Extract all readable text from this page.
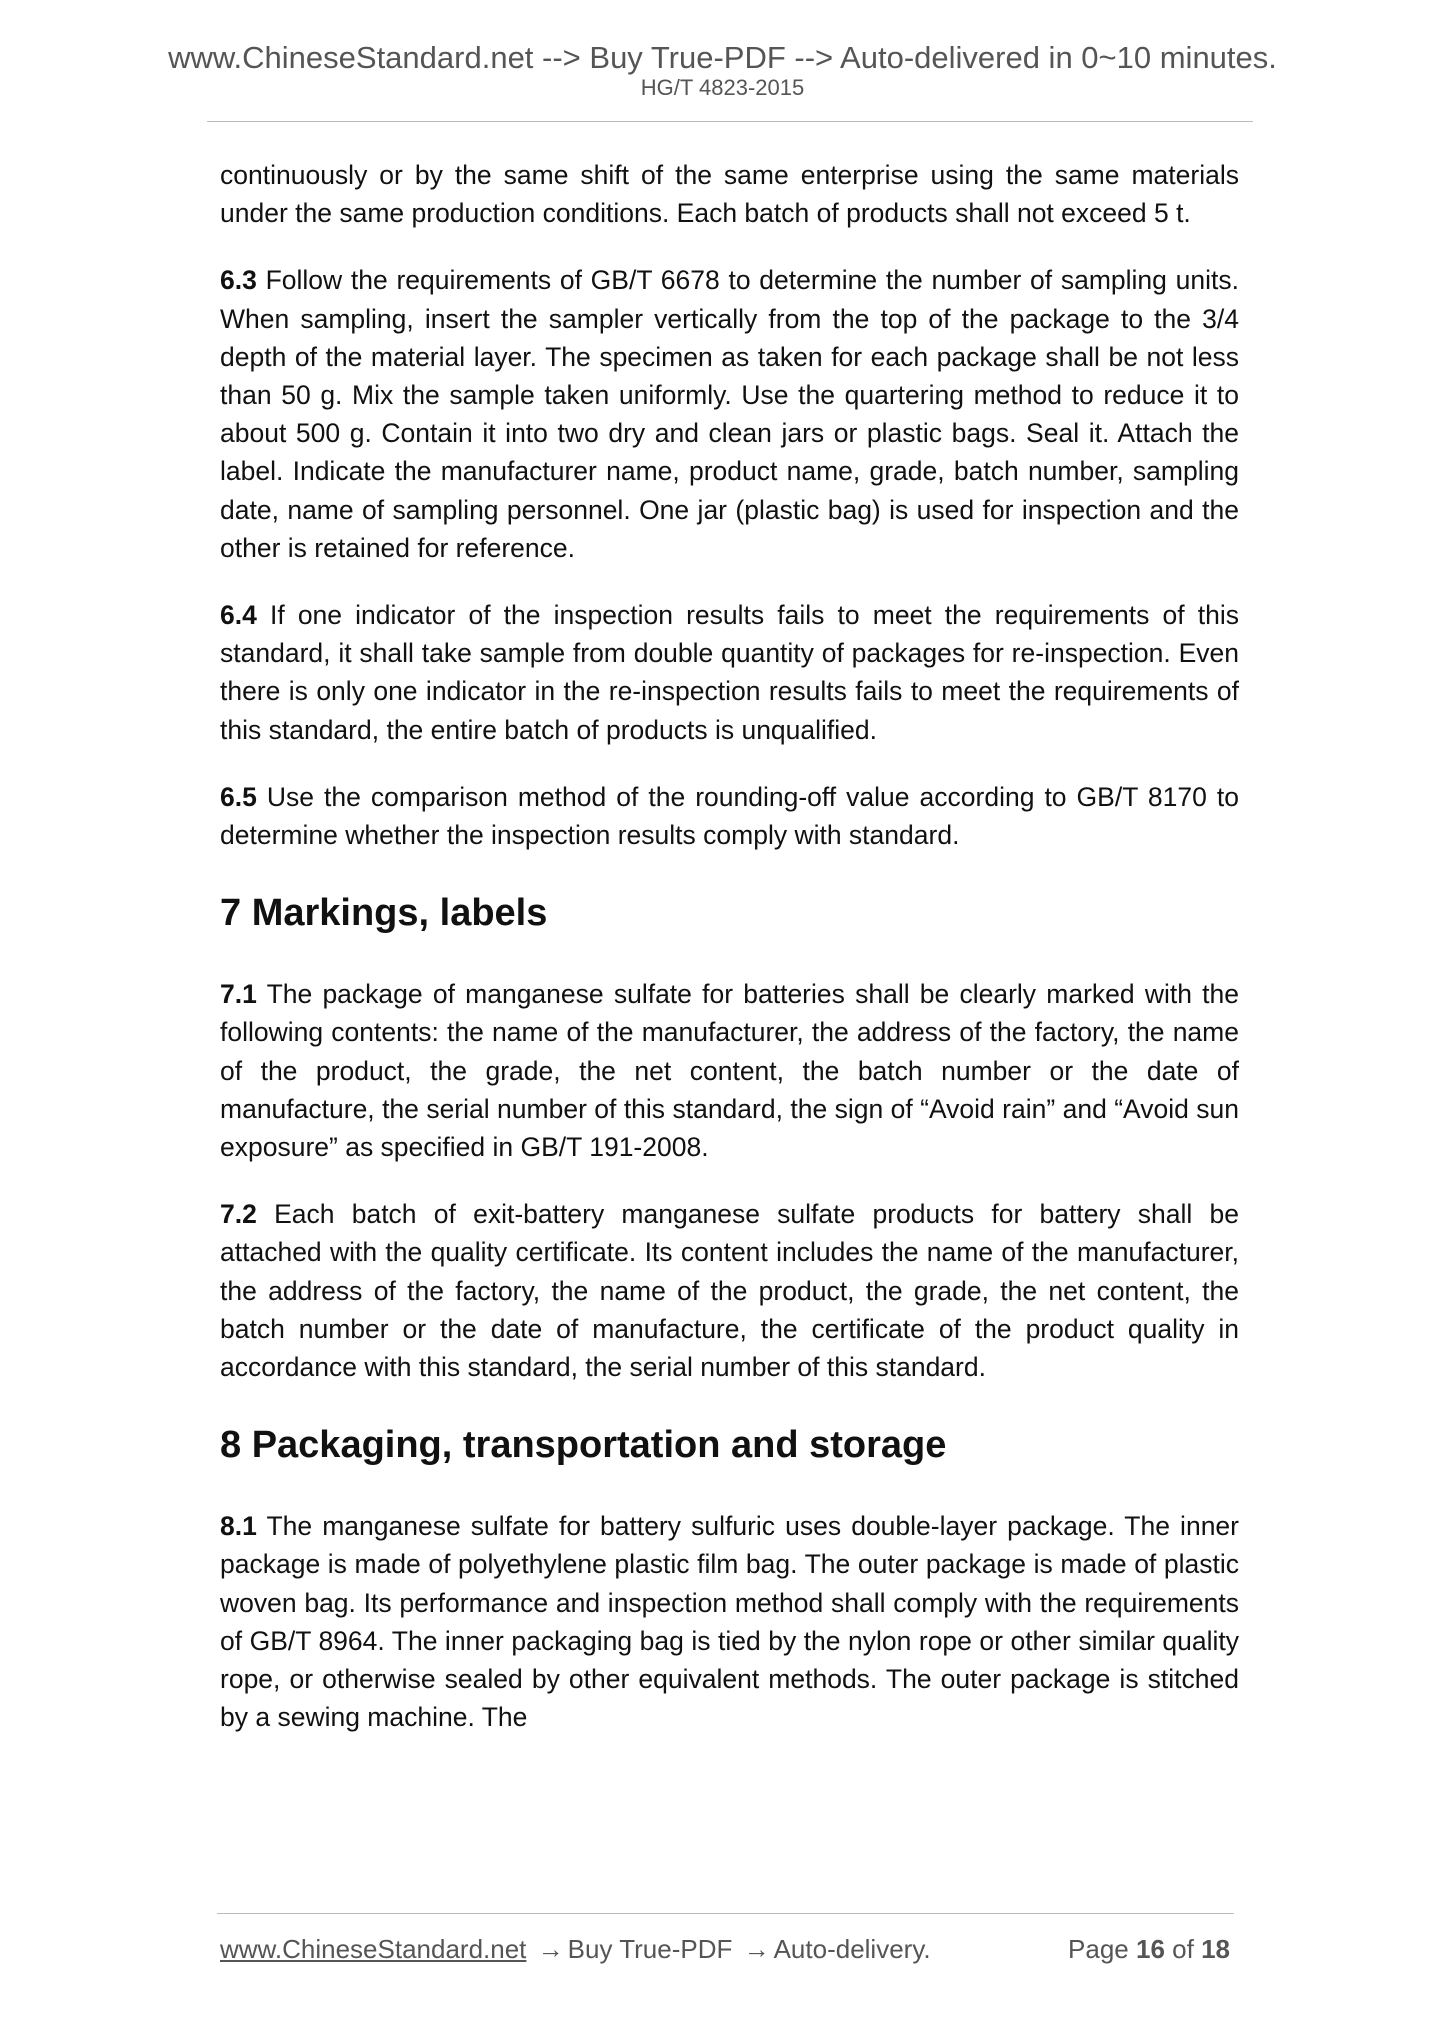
www.ChineseStandard.net --> Buy True-PDF --> Auto-delivered in 0~10 minutes.
HG/T 4823-2015

continuously or by the same shift of the same enterprise using the same materials under the same production conditions. Each batch of products shall not exceed 5 t.

6.3 Follow the requirements of GB/T 6678 to determine the number of sampling units. When sampling, insert the sampler vertically from the top of the package to the 3/4 depth of the material layer. The specimen as taken for each package shall be not less than 50 g. Mix the sample taken uniformly. Use the quartering method to reduce it to about 500 g. Contain it into two dry and clean jars or plastic bags. Seal it. Attach the label. Indicate the manufacturer name, product name, grade, batch number, sampling date, name of sampling personnel. One jar (plastic bag) is used for inspection and the other is retained for reference.

6.4 If one indicator of the inspection results fails to meet the requirements of this standard, it shall take sample from double quantity of packages for re-inspection. Even there is only one indicator in the re-inspection results fails to meet the requirements of this standard, the entire batch of products is unqualified.

6.5 Use the comparison method of the rounding-off value according to GB/T 8170 to determine whether the inspection results comply with standard.

7 Markings, labels

7.1 The package of manganese sulfate for batteries shall be clearly marked with the following contents: the name of the manufacturer, the address of the factory, the name of the product, the grade, the net content, the batch number or the date of manufacture, the serial number of this standard, the sign of “Avoid rain” and “Avoid sun exposure” as specified in GB/T 191-2008.

7.2 Each batch of exit-battery manganese sulfate products for battery shall be attached with the quality certificate. Its content includes the name of the manufacturer, the address of the factory, the name of the product, the grade, the net content, the batch number or the date of manufacture, the certificate of the product quality in accordance with this standard, the serial number of this standard.

8 Packaging, transportation and storage

8.1 The manganese sulfate for battery sulfuric uses double-layer package. The inner package is made of polyethylene plastic film bag. The outer package is made of plastic woven bag. Its performance and inspection method shall comply with the requirements of GB/T 8964. The inner packaging bag is tied by the nylon rope or other similar quality rope, or otherwise sealed by other equivalent methods. The outer package is stitched by a sewing machine. The

www.ChineseStandard.net → Buy True-PDF → Auto-delivery.	Page 16 of 18
